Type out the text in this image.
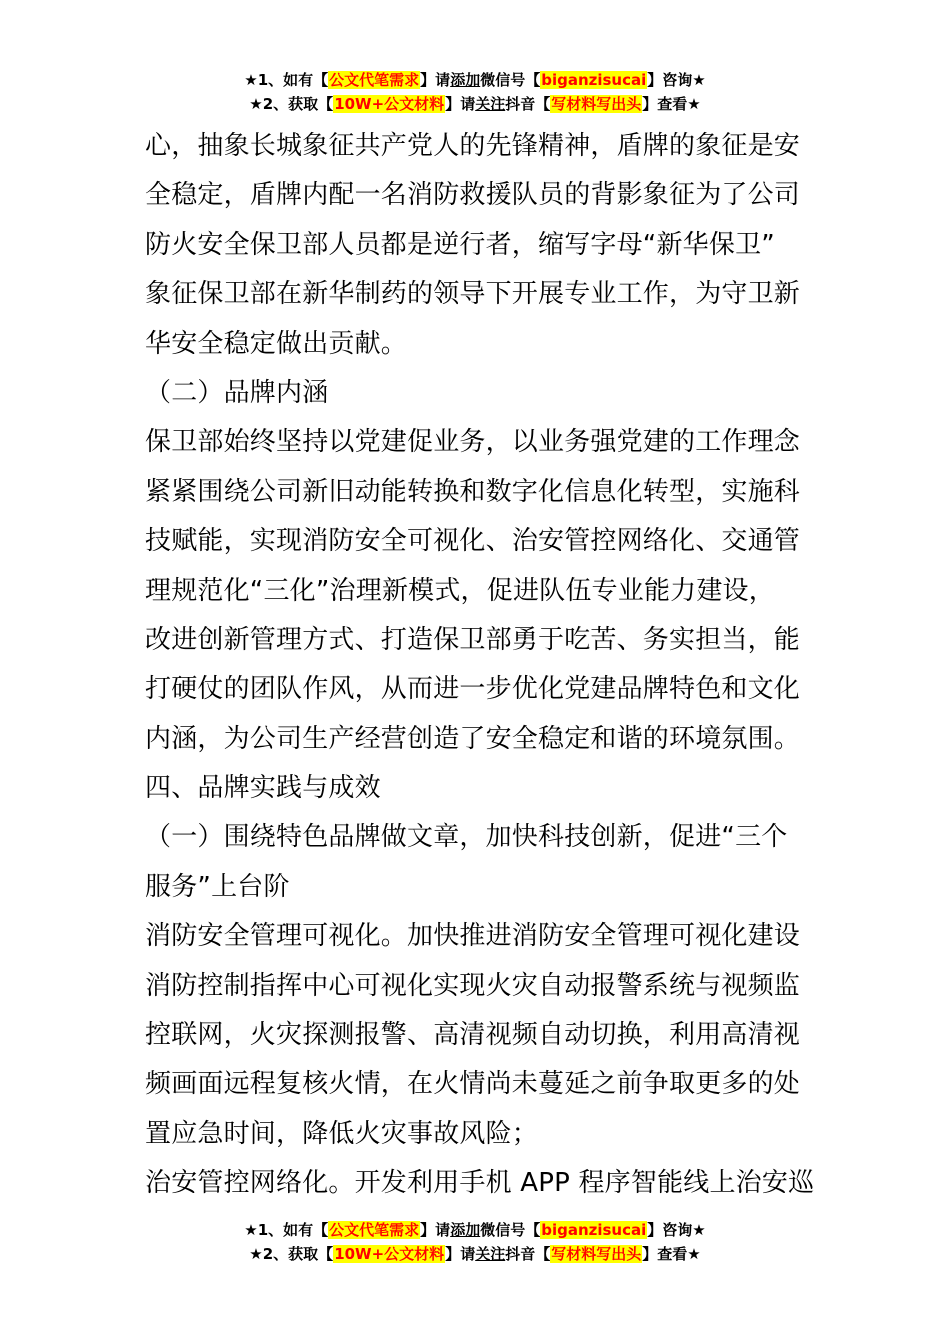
★1、如有【公文代笔需求】请添加微信号【biganzisucai】咨询★
★2、获取【10W+公文材料】请关注抖音【写材料写出头】查看★
心，抽象长城象征共产党人的先锋精神，盾牌的象征是安
全稳定，盾牌内配一名消防救援队员的背影象征为了公司
防火安全保卫部人员都是逆行者，缩写字母“新华保卫”
象征保卫部在新华制药的领导下开展专业工作，为守卫新
华安全稳定做出贡献。
（二）品牌内涵
保卫部始终坚持以党建促业务，以业务强党建的工作理念
紧紧围绕公司新旧动能转换和数字化信息化转型，实施科
技赋能，实现消防安全可视化、治安管控网络化、交通管
理规范化“三化”治理新模式，促进队伍专业能力建设，
改进创新管理方式、打造保卫部勇于吃苦、务实担当，能
打硬仗的团队作风，从而进一步优化党建品牌特色和文化
内涵，为公司生产经营创造了安全稳定和谐的环境氛围。
四、品牌实践与成效
（一）围绕特色品牌做文章，加快科技创新，促进“三个
服务”上台阶
消防安全管理可视化。加快推进消防安全管理可视化建设
消防控制指挥中心可视化实现火灾自动报警系统与视频监
控联网，火灾探测报警、高清视频自动切换，利用高清视
频画面远程复核火情，在火情尚未蔓延之前争取更多的处
置应急时间，降低火灾事故风险；
治安管控网络化。开发利用手机 APP 程序智能线上治安巡
★1、如有【公文代笔需求】请添加微信号【biganzisucai】咨询★
★2、获取【10W+公文材料】请关注抖音【写材料写出头】查看★
